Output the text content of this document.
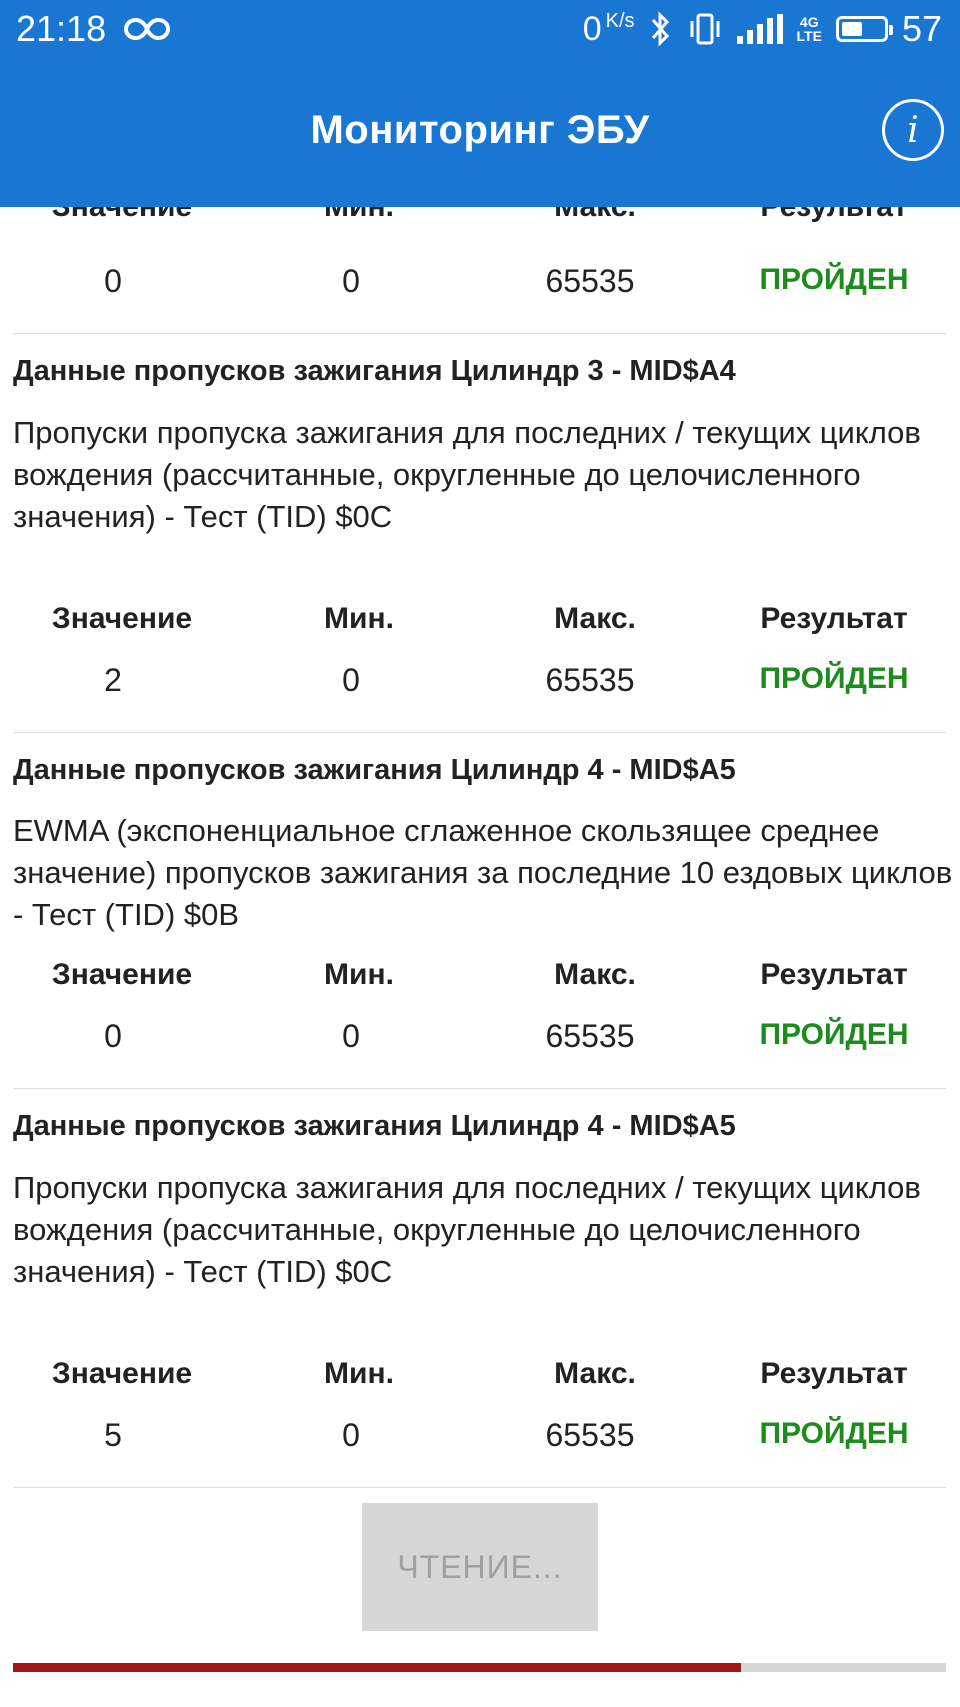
21:18	0 K/s	4G
LTE 57
Мониторинг ЭБУ	i
0	0	65535	ПРОЙДЕН
Данные пропусков зажигания Цилиндр 3 - MID$A4
Пропуски пропуска зажигания для последних / текущих циклов вождения (рассчитанные, округленные до целочисленного значения) - Тест (TID) $0C
Значение	Мин.	Макс.	Результат
2	0	65535	ПРОЙДЕН
Данные пропусков зажигания Цилиндр 4 - MID$A5
EWMA (экспоненциальное сглаженное скользящее среднее значение) пропусков зажигания за последние 10 ездовых циклов - Тест (TID) $0B
Значение	Мин.	Макс.	Результат
0	0	65535	ПРОЙДЕН
Данные пропусков зажигания Цилиндр 4 - MID$A5
Пропуски пропуска зажигания для последних / текущих циклов вождения (рассчитанные, округленные до целочисленного значения) - Тест (TID) $0C
Значение	Мин.	Макс.	Результат
5	0	65535	ПРОЙДЕН
ЧТЕНИЕ...
